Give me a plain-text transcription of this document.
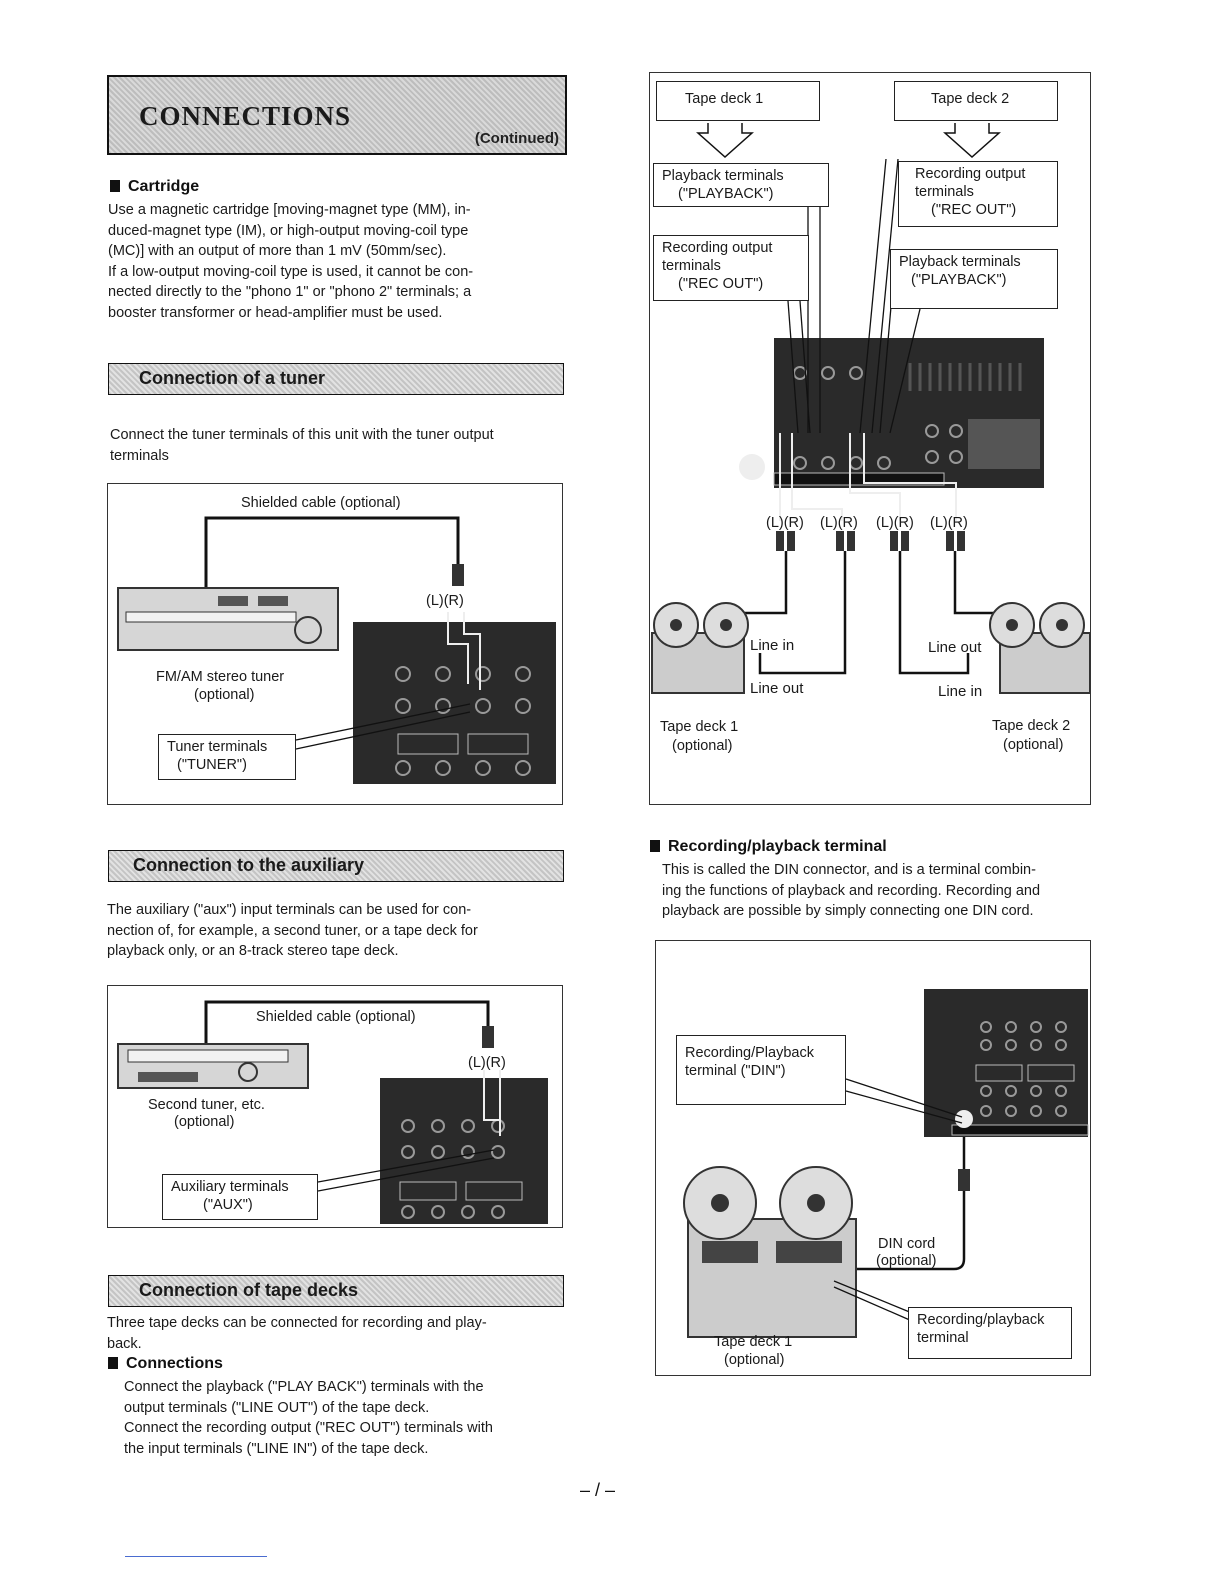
CONNECTIONS
(Continued)
Cartridge
Use a magnetic cartridge [moving-magnet type (MM), in-
duced-magnet type (IM), or high-output moving-coil type
(MC)] with an output of more than 1 mV (50mm/sec).
If a low-output moving-coil type is used, it cannot be con-
nected directly to the "phono 1" or "phono 2" terminals; a
booster transformer or head-amplifier must be used.
Connection of a tuner
Connect the tuner terminals of this unit with the tuner output
terminals
Shielded cable (optional)
(L)(R)
FM/AM stereo tuner
(optional)
Tuner terminals
("TUNER")
Connection to the auxiliary
The auxiliary ("aux") input terminals can be used for con-
nection of, for example, a second tuner, or a tape deck for
playback only, or an 8-track stereo tape deck.
Shielded cable (optional)
(L)(R)
Second tuner, etc.
(optional)
Auxiliary terminals
("AUX")
Connection of tape decks
Three tape decks can be connected for recording and play-
back.
Connections
Connect the playback ("PLAY BACK") terminals with the
output terminals ("LINE OUT") of the tape deck.
Connect the recording output ("REC OUT") terminals with
the input terminals ("LINE IN") of the tape deck.
Tape deck 1	Tape deck 2
Playback terminals
("PLAYBACK")
Recording output
terminals
("REC OUT")
Recording output
terminals
("REC OUT")
Playback terminals
("PLAYBACK")
(L)(R) (L)(R) (L)(R) (L)(R)
Line in
Line out
Line out
Line in
Tape deck 1
(optional)
Tape deck 2
(optional)
Recording/playback terminal
This is called the DIN connector, and is a terminal combin-
ing the functions of playback and recording. Recording and
playback are possible by simply connecting one DIN cord.
Recording/Playback
terminal ("DIN")
DIN cord
(optional)
Recording/playback
terminal
Tape deck 1
(optional)
– / –
